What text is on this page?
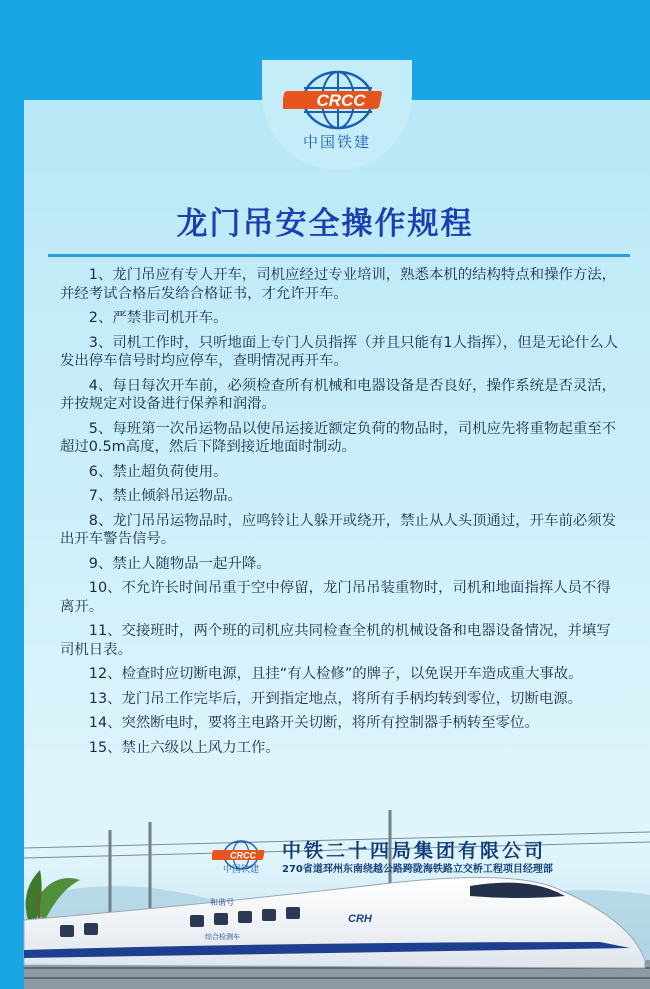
CRCC
中国铁建
龙门吊安全操作规程

1、龙门吊应有专人开车，司机应经过专业培训，熟悉本机的结构特点和操作方法，并经考试合格后发给合格证书，才允许开车。

2、严禁非司机开车。

3、司机工作时，只听地面上专门人员指挥（并且只能有1人指挥），但是无论什么人发出停车信号时均应停车，查明情况再开车。

4、每日每次开车前，必须检查所有机械和电器设备是否良好，操作系统是否灵活，并按规定对设备进行保养和润滑。

5、每班第一次吊运物品以使吊运接近额定负荷的物品时，司机应先将重物起重至不超过0.5m高度，然后下降到接近地面时制动。

6、禁止超负荷使用。

7、禁止倾斜吊运物品。

8、龙门吊吊运物品时，应鸣铃让人躲开或绕开，禁止从人头顶通过，开车前必须发出开车警告信号。

9、禁止人随物品一起升降。

10、不允许长时间吊重于空中停留，龙门吊吊装重物时，司机和地面指挥人员不得离开。

11、交接班时，两个班的司机应共同检查全机的机械设备和电器设备情况，并填写司机日表。

12、检查时应切断电源，且挂“有人检修”的牌子，以免误开车造成重大事故。

13、龙门吊工作完毕后，开到指定地点，将所有手柄均转到零位，切断电源。

14、突然断电时，要将主电路开关切断，将所有控制器手柄转至零位。

15、禁止六级以上风力工作。

CRH
和谐号
综合检测车
CRCC
中国铁建
中铁二十四局集团有限公司
270省道邳州东南绕越公路跨陇海铁路立交桥工程项目经理部
